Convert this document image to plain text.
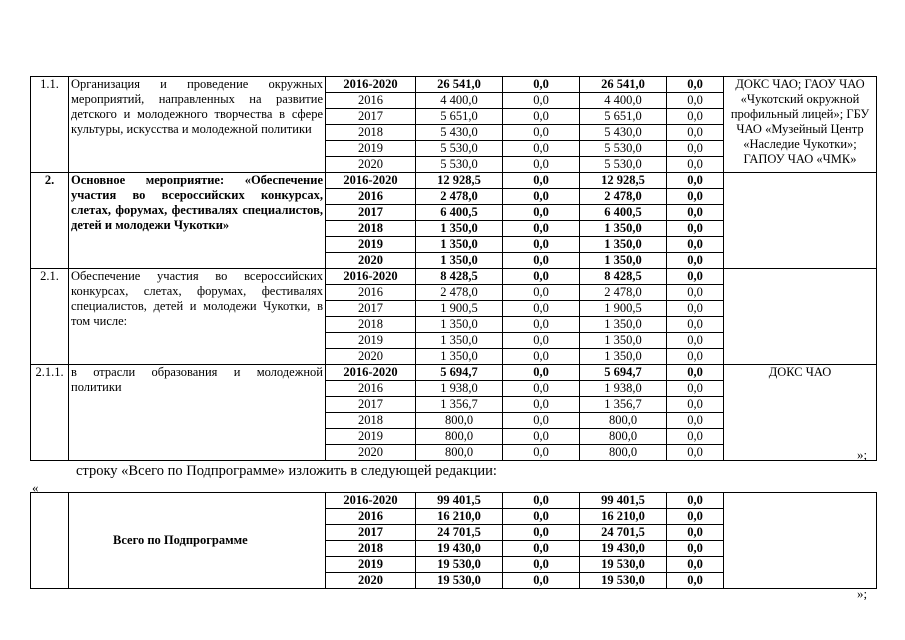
1.1.	Организация и проведение окружных мероприятий, направленных на развитие детского и молодежного творчества в сфере культуры, искусства и молодежной политики	2016-2020	26 541,0	0,0	26 541,0	0,0	ДОКС ЧАО; ГАОУ ЧАО «Чукотский окружной профильный лицей»; ГБУ ЧАО «Музейный Центр «Наследие Чукотки»; ГАПОУ ЧАО «ЧМК»
		2016	4 400,0	0,0	4 400,0	0,0	
		2017	5 651,0	0,0	5 651,0	0,0	
		2018	5 430,0	0,0	5 430,0	0,0	
		2019	5 530,0	0,0	5 530,0	0,0	
		2020	5 530,0	0,0	5 530,0	0,0	
2.	Основное мероприятие: «Обеспечение участия во всероссийских конкурсах, слетах, форумах, фестивалях специалистов, детей и молодежи Чукотки»	2016-2020	12 928,5	0,0	12 928,5	0,0	
		2016	2 478,0	0,0	2 478,0	0,0	
		2017	6 400,5	0,0	6 400,5	0,0	
		2018	1 350,0	0,0	1 350,0	0,0	
		2019	1 350,0	0,0	1 350,0	0,0	
		2020	1 350,0	0,0	1 350,0	0,0	
2.1.	Обеспечение участия во всероссийских конкурсах, слетах, форумах, фестивалях специалистов, детей и молодежи Чукотки, в том числе:	2016-2020	8 428,5	0,0	8 428,5	0,0	
		2016	2 478,0	0,0	2 478,0	0,0	
		2017	1 900,5	0,0	1 900,5	0,0	
		2018	1 350,0	0,0	1 350,0	0,0	
		2019	1 350,0	0,0	1 350,0	0,0	
		2020	1 350,0	0,0	1 350,0	0,0	
2.1.1.	в отрасли образования и молодежной политики	2016-2020	5 694,7	0,0	5 694,7	0,0	ДОКС ЧАО
		2016	1 938,0	0,0	1 938,0	0,0	
		2017	1 356,7	0,0	1 356,7	0,0	
		2018	800,0	0,0	800,0	0,0	
		2019	800,0	0,0	800,0	0,0	
		2020	800,0	0,0	800,0	0,0		»;
строку «Всего по Подпрограмме» изложить в следующей редакции:
«
	Всего по Подпрограмме	2016-2020	99 401,5	0,0	99 401,5	0,0	
		2016	16 210,0	0,0	16 210,0	0,0	
		2017	24 701,5	0,0	24 701,5	0,0	
		2018	19 430,0	0,0	19 430,0	0,0	
		2019	19 530,0	0,0	19 530,0	0,0	
		2020	19 530,0	0,0	19 530,0	0,0	
»;
